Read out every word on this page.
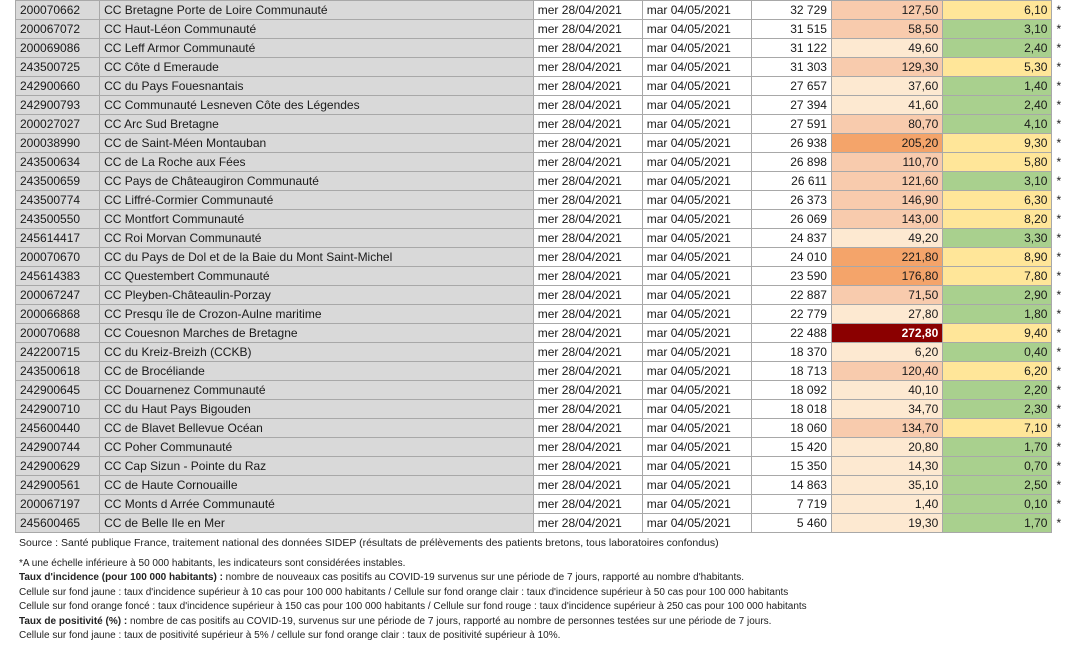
200070662	CC Bretagne Porte de Loire Communauté	mer 28/04/2021	mar 04/05/2021	32 729	127,50	6,10	*
200067072	CC Haut-Léon Communauté	mer 28/04/2021	mar 04/05/2021	31 515	58,50	3,10	*
200069086	CC Leff Armor Communauté	mer 28/04/2021	mar 04/05/2021	31 122	49,60	2,40	*
243500725	CC Côte d Emeraude	mer 28/04/2021	mar 04/05/2021	31 303	129,30	5,30	*
242900660	CC du Pays Fouesnantais	mer 28/04/2021	mar 04/05/2021	27 657	37,60	1,40	*
242900793	CC Communauté Lesneven Côte des Légendes	mer 28/04/2021	mar 04/05/2021	27 394	41,60	2,40	*
200027027	CC Arc Sud Bretagne	mer 28/04/2021	mar 04/05/2021	27 591	80,70	4,10	*
200038990	CC de Saint-Méen Montauban	mer 28/04/2021	mar 04/05/2021	26 938	205,20	9,30	*
243500634	CC de La Roche aux Fées	mer 28/04/2021	mar 04/05/2021	26 898	110,70	5,80	*
243500659	CC Pays de Châteaugiron Communauté	mer 28/04/2021	mar 04/05/2021	26 611	121,60	3,10	*
243500774	CC Liffré-Cormier Communauté	mer 28/04/2021	mar 04/05/2021	26 373	146,90	6,30	*
243500550	CC Montfort Communauté	mer 28/04/2021	mar 04/05/2021	26 069	143,00	8,20	*
245614417	CC Roi Morvan Communauté	mer 28/04/2021	mar 04/05/2021	24 837	49,20	3,30	*
200070670	CC du Pays de Dol et de la Baie du Mont Saint-Michel	mer 28/04/2021	mar 04/05/2021	24 010	221,80	8,90	*
245614383	CC Questembert Communauté	mer 28/04/2021	mar 04/05/2021	23 590	176,80	7,80	*
200067247	CC Pleyben-Châteaulin-Porzay	mer 28/04/2021	mar 04/05/2021	22 887	71,50	2,90	*
200066868	CC Presqu île de Crozon-Aulne maritime	mer 28/04/2021	mar 04/05/2021	22 779	27,80	1,80	*
200070688	CC Couesnon Marches de Bretagne	mer 28/04/2021	mar 04/05/2021	22 488	272,80	9,40	*
242200715	CC du Kreiz-Breizh (CCKB)	mer 28/04/2021	mar 04/05/2021	18 370	6,20	0,40	*
243500618	CC de Brocéliande	mer 28/04/2021	mar 04/05/2021	18 713	120,40	6,20	*
242900645	CC Douarnenez Communauté	mer 28/04/2021	mar 04/05/2021	18 092	40,10	2,20	*
242900710	CC du Haut Pays Bigouden	mer 28/04/2021	mar 04/05/2021	18 018	34,70	2,30	*
245600440	CC de Blavet Bellevue Océan	mer 28/04/2021	mar 04/05/2021	18 060	134,70	7,10	*
242900744	CC Poher Communauté	mer 28/04/2021	mar 04/05/2021	15 420	20,80	1,70	*
242900629	CC Cap Sizun - Pointe du Raz	mer 28/04/2021	mar 04/05/2021	15 350	14,30	0,70	*
242900561	CC de Haute Cornouaille	mer 28/04/2021	mar 04/05/2021	14 863	35,10	2,50	*
200067197	CC Monts d Arrée Communauté	mer 28/04/2021	mar 04/05/2021	7 719	1,40	0,10	*
245600465	CC de Belle Ile en Mer	mer 28/04/2021	mar 04/05/2021	5 460	19,30	1,70	*
Source : Santé publique France, traitement national des données SIDEP (résultats de prélèvements des patients bretons, tous laboratoires confondus)
*A une échelle inférieure à 50 000 habitants, les indicateurs sont considérées instables.
Taux d'incidence (pour 100 000 habitants) : nombre de nouveaux cas positifs au COVID-19 survenus sur une période de 7 jours, rapporté au nombre d'habitants.
Cellule sur fond jaune : taux d'incidence supérieur à 10 cas pour 100 000 habitants / Cellule sur fond orange clair : taux d'incidence supérieur à 50 cas pour 100 000 habitants
Cellule sur fond orange foncé : taux d'incidence supérieur à 150 cas pour 100 000 habitants / Cellule sur fond rouge : taux d'incidence supérieur à 250 cas pour 100 000 habitants
Taux de positivité (%) : nombre de cas positifs au COVID-19, survenus sur une période de 7 jours, rapporté au nombre de personnes testées sur une période de 7 jours.
Cellule sur fond jaune : taux de positivité supérieur à 5% / cellule sur fond orange clair : taux de positivité supérieur à 10%.
